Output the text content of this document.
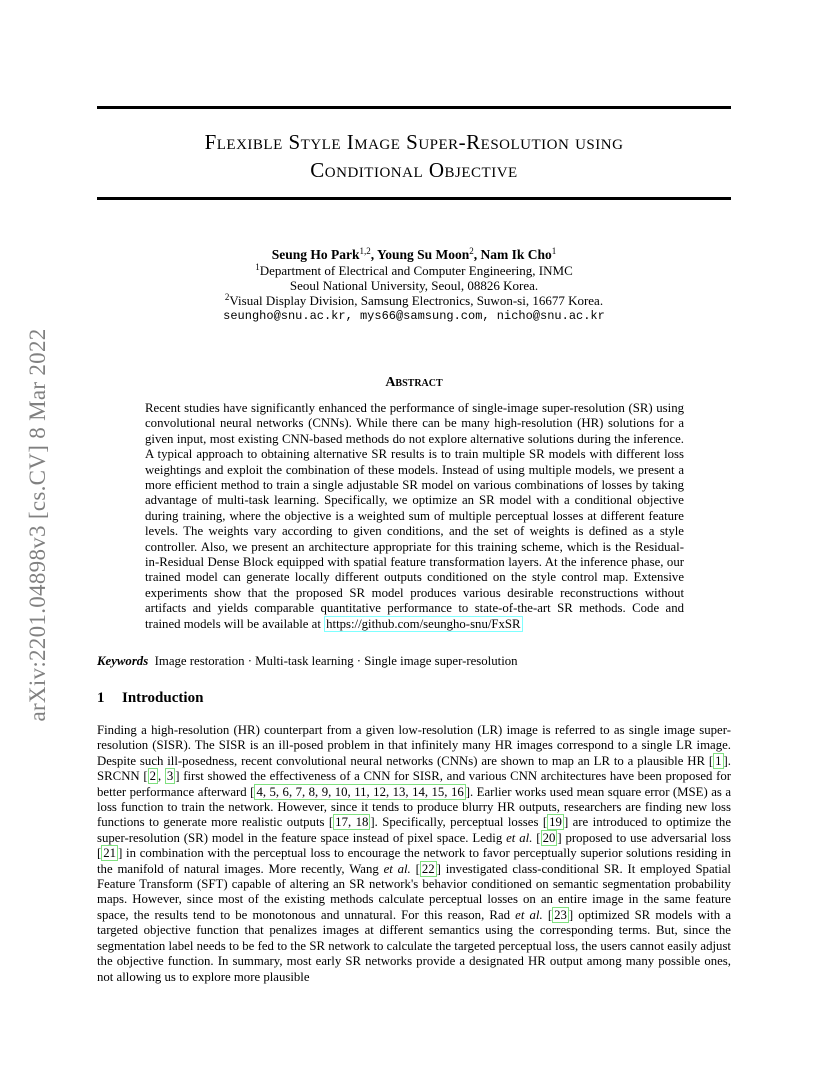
arXiv:2201.04898v3 [cs.CV] 8 Mar 2022
Flexible Style Image Super-Resolution using
Conditional Objective
Seung Ho Park$^{1,2}$, Young Su Moon$^2$, Nam Ik Cho$^1$
$^1$Department of Electrical and Computer Engineering, INMC
Seoul National University, Seoul, 08826 Korea.
$^2$Visual Display Division, Samsung Electronics, Suwon-si, 16677 Korea.
seungho@snu.ac.kr, mys66@samsung.com, nicho@snu.ac.kr
Abstract

Recent studies have significantly enhanced the performance of single-image super-resolution (SR) using convolutional neural networks (CNNs). While there can be many high-resolution (HR) solutions for a given input, most existing CNN-based methods do not explore alternative solutions during the inference. A typical approach to obtaining alternative SR results is to train multiple SR models with different loss weightings and exploit the combination of these models. Instead of using multiple models, we present a more efficient method to train a single adjustable SR model on various combinations of losses by taking advantage of multi-task learning. Specifically, we optimize an SR model with a conditional objective during training, where the objective is a weighted sum of multiple perceptual losses at different feature levels. The weights vary according to given conditions, and the set of weights is defined as a style controller. Also, we present an architecture appropriate for this training scheme, which is the Residual-in-Residual Dense Block equipped with spatial feature transformation layers. At the inference phase, our trained model can generate locally different outputs conditioned on the style control map. Extensive experiments show that the proposed SR model produces various desirable reconstructions without artifacts and yields comparable quantitative performance to state-of-the-art SR methods. Code and trained models will be available at https://github.com/seungho-snu/FxSR

Keywords Image restoration · Multi-task learning · Single image super-resolution

1 Introduction

Finding a high-resolution (HR) counterpart from a given low-resolution (LR) image is referred to as single image super-resolution (SISR). The SISR is an ill-posed problem in that infinitely many HR images correspond to a single LR image. Despite such ill-posedness, recent convolutional neural networks (CNNs) are shown to map an LR to a plausible HR [ 1 ]. SRCNN [ 2 , 3 ] first showed the effectiveness of a CNN for SISR, and various CNN architectures have been proposed for better performance afterward [ 4, 5, 6, 7, 8, 9, 10, 11, 12, 13, 14, 15, 16 ]. Earlier works used mean square error (MSE) as a loss function to train the network. However, since it tends to produce blurry HR outputs, researchers are finding new loss functions to generate more realistic outputs [ 17, 18 ]. Specifically, perceptual losses [ 19 ] are introduced to optimize the super-resolution (SR) model in the feature space instead of pixel space. Ledig et al. [ 20 ] proposed to use adversarial loss [ 21 ] in combination with the perceptual loss to encourage the network to favor perceptually superior solutions residing in the manifold of natural images. More recently, Wang et al. [ 22 ] investigated class-conditional SR. It employed Spatial Feature Transform (SFT) capable of altering an SR network's behavior conditioned on semantic segmentation probability maps. However, since most of the existing methods calculate perceptual losses on an entire image in the same feature space, the results tend to be monotonous and unnatural. For this reason, Rad et al. [ 23 ] optimized SR models with a targeted objective function that penalizes images at different semantics using the corresponding terms. But, since the segmentation label needs to be fed to the SR network to calculate the targeted perceptual loss, the users cannot easily adjust the objective function. In summary, most early SR networks provide a designated HR output among many possible ones, not allowing us to explore more plausible
